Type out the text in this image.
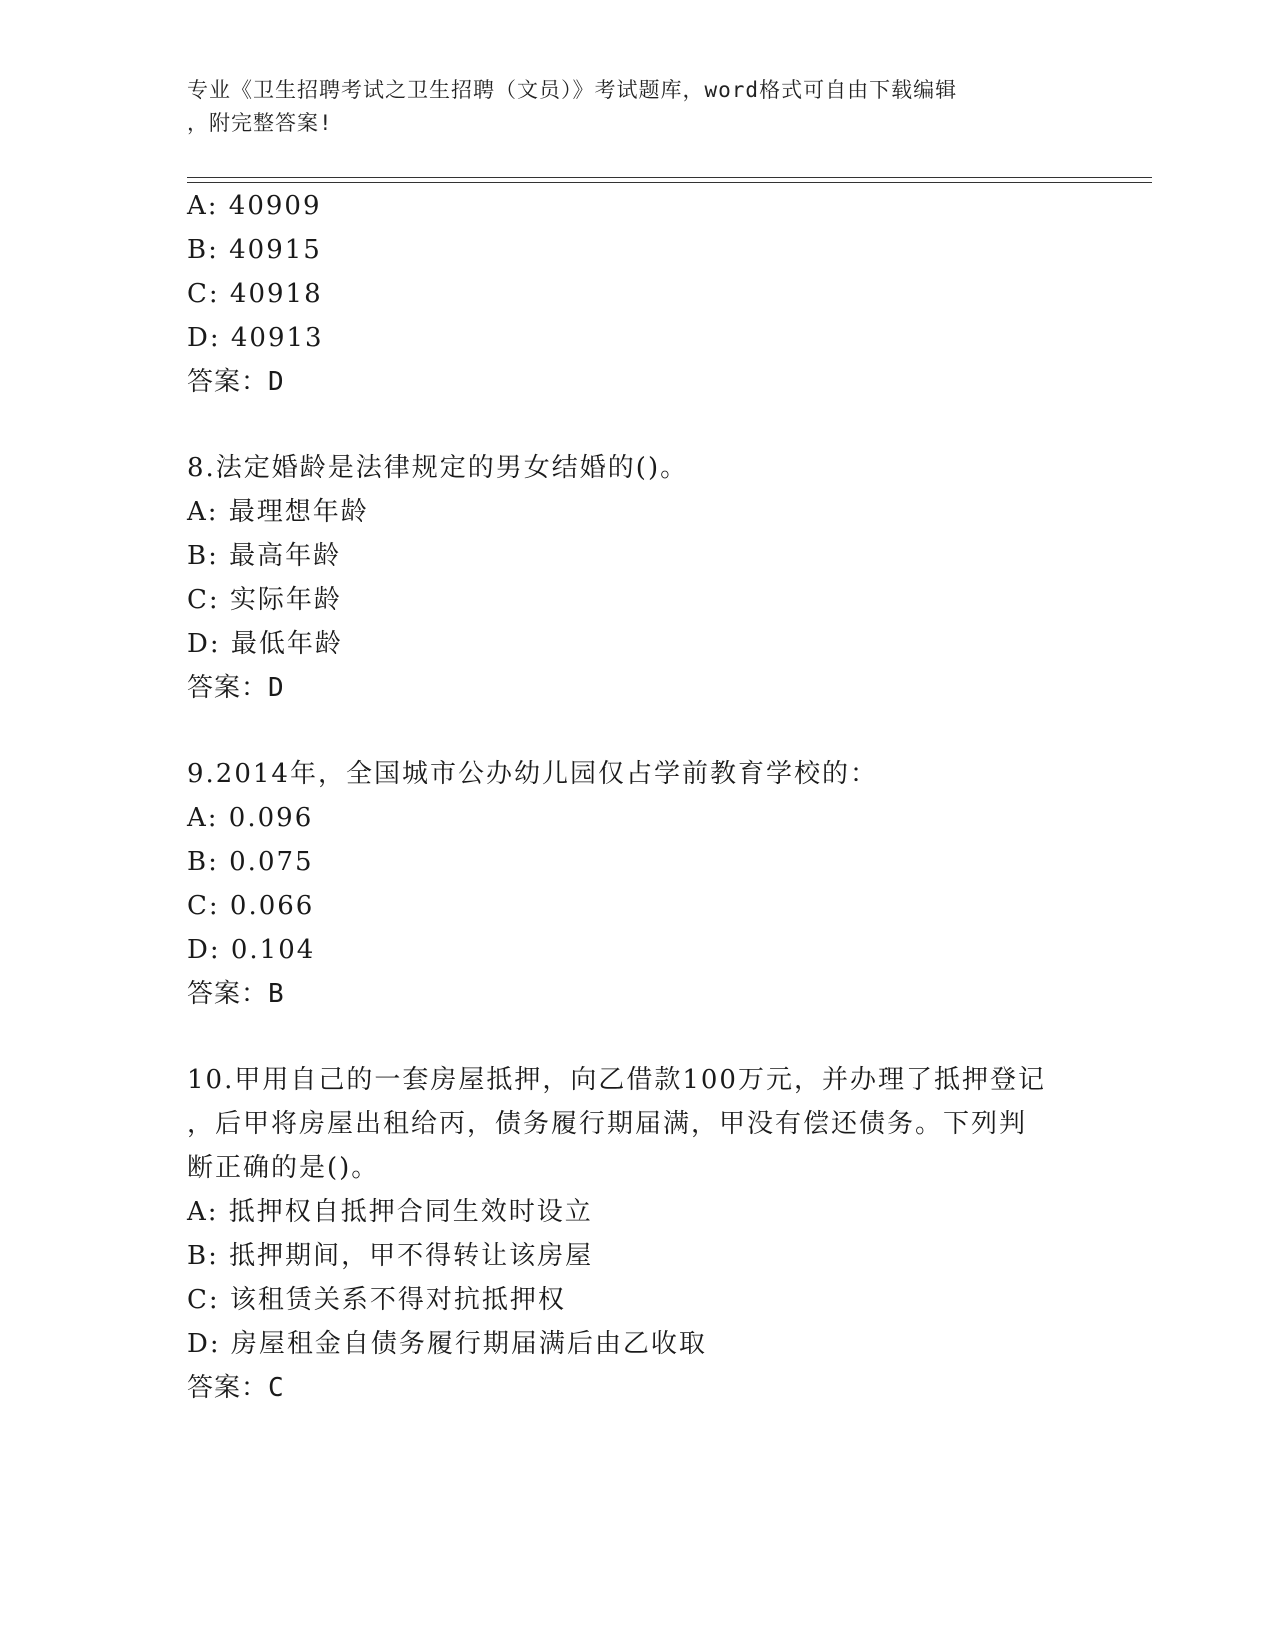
专业《卫生招聘考试之卫生招聘（文员）》考试题库，word格式可自由下载编辑
，附完整答案!
A: 40909
B: 40915
C: 40918
D: 40913
答案：D
8.法定婚龄是法律规定的男女结婚的()。
A: 最理想年龄
B: 最高年龄
C: 实际年龄
D: 最低年龄
答案：D
9.2014年，全国城市公办幼儿园仅占学前教育学校的：
A: 0.096
B: 0.075
C: 0.066
D: 0.104
答案：B
10.甲用自己的一套房屋抵押，向乙借款100万元，并办理了抵押登记
，后甲将房屋出租给丙，债务履行期届满，甲没有偿还债务。下列判
断正确的是()。
A: 抵押权自抵押合同生效时设立
B: 抵押期间，甲不得转让该房屋
C: 该租赁关系不得对抗抵押权
D: 房屋租金自债务履行期届满后由乙收取
答案：C
